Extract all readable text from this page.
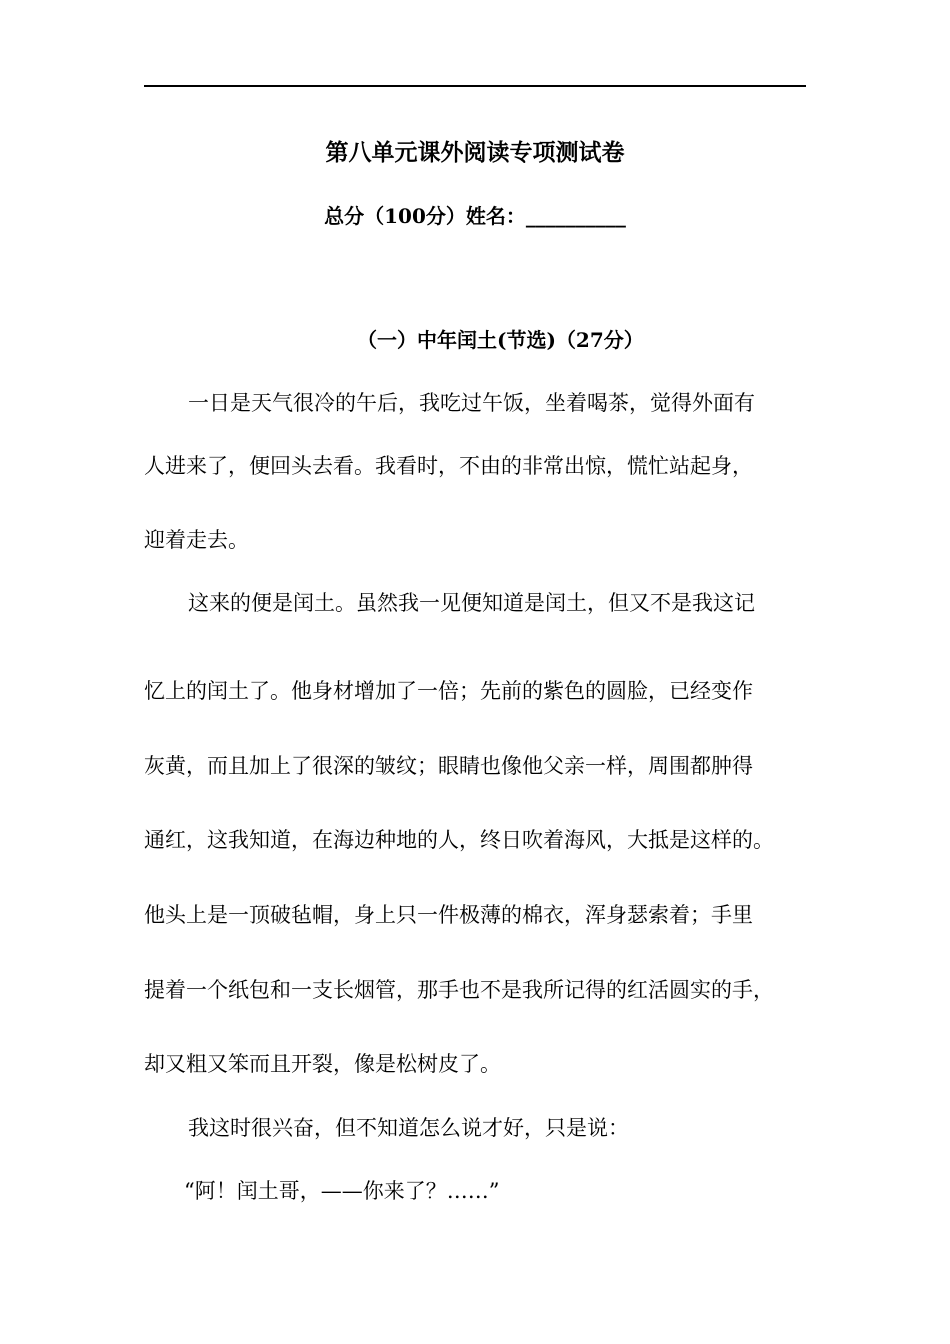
第八单元课外阅读专项测试卷
总分（100分）姓名：__________
（一）中年闰土(节选)（27分）
一日是天气很冷的午后，我吃过午饭，坐着喝茶，觉得外面有
人进来了，便回头去看。我看时，不由的非常出惊，慌忙站起身，
迎着走去。
这来的便是闰土。虽然我一见便知道是闰土，但又不是我这记
忆上的闰土了。他身材增加了一倍；先前的紫色的圆脸，已经变作
灰黄，而且加上了很深的皱纹；眼睛也像他父亲一样，周围都肿得
通红，这我知道，在海边种地的人，终日吹着海风，大抵是这样的。
他头上是一顶破毡帽，身上只一件极薄的棉衣，浑身瑟索着；手里
提着一个纸包和一支长烟管，那手也不是我所记得的红活圆实的手，
却又粗又笨而且开裂，像是松树皮了。
我这时很兴奋，但不知道怎么说才好，只是说：
“阿！闰土哥，——你来了？……”
